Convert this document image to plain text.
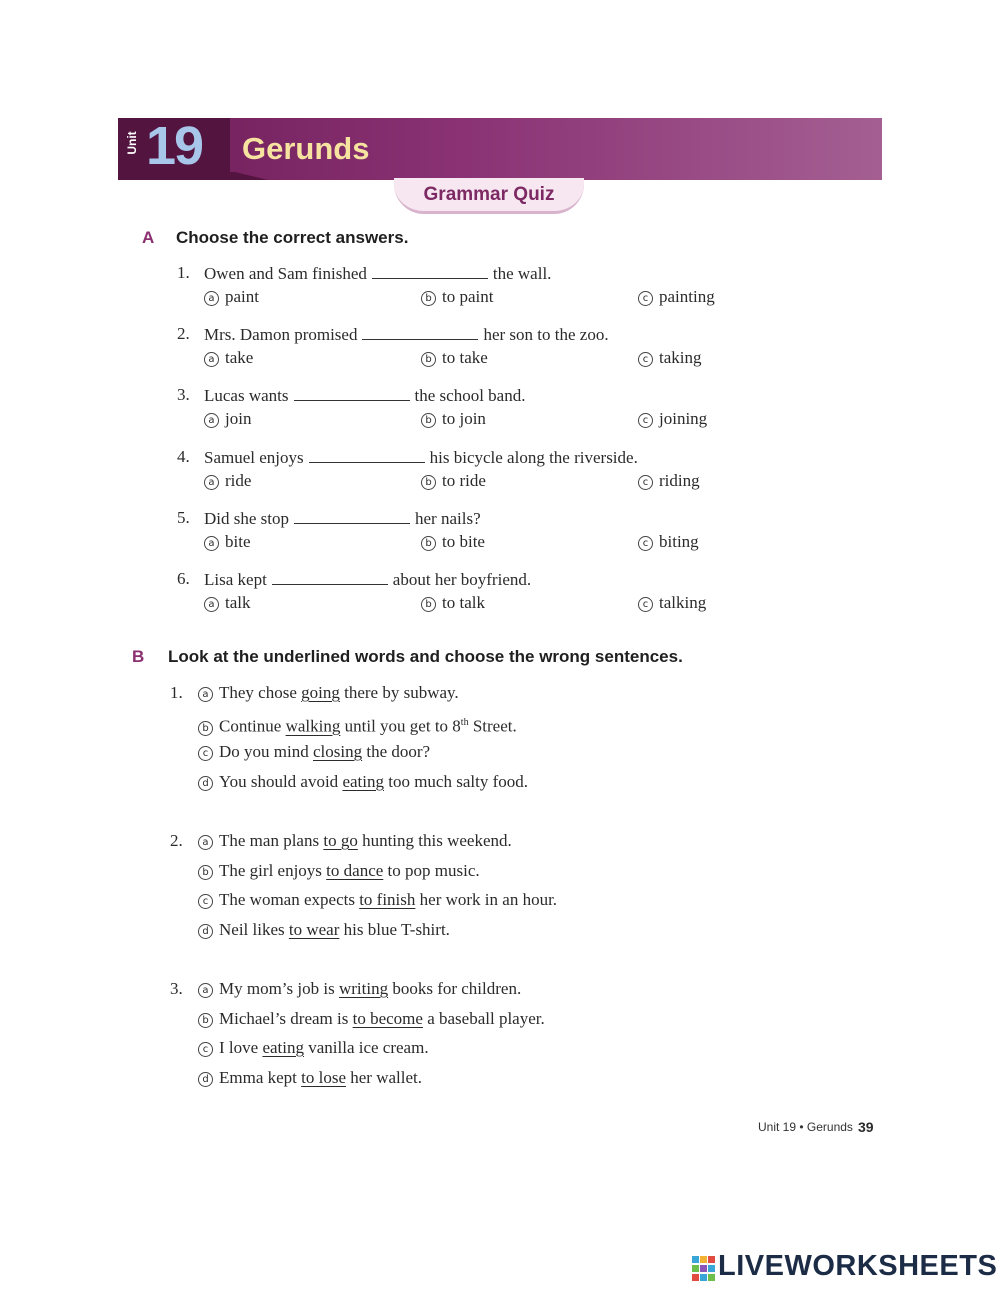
Unit 19 Gerunds
Grammar Quiz
A Choose the correct answers.
1. Owen and Sam finished	the wall.
a paint	b to paint	c painting
2. Mrs. Damon promised	her son to the zoo.
a take	b to take	c taking
3. Lucas wants	the school band.
a join	b to join	c joining
4. Samuel enjoys	his bicycle along the riverside.
a ride	b to ride	c riding
5. Did she stop	her nails?
a bite	b to bite	c biting
6. Lisa kept	about her boyfriend.
a talk	b to talk	c talking
B Look at the underlined words and choose the wrong sentences.
1.	a They chose going there by subway.
b Continue walking until you get to 8th Street.
c Do you mind closing the door?
d You should avoid eating too much salty food.
2.	a The man plans to go hunting this weekend.
b The girl enjoys to dance to pop music.
c The woman expects to finish her work in an hour.
d Neil likes to wear his blue T-shirt.
3.	a My mom’s job is writing books for children.
b Michael’s dream is to become a baseball player.
c I love eating vanilla ice cream.
d Emma kept to lose her wallet.
Unit 19 • Gerunds 39
LIVEWORKSHEETS
